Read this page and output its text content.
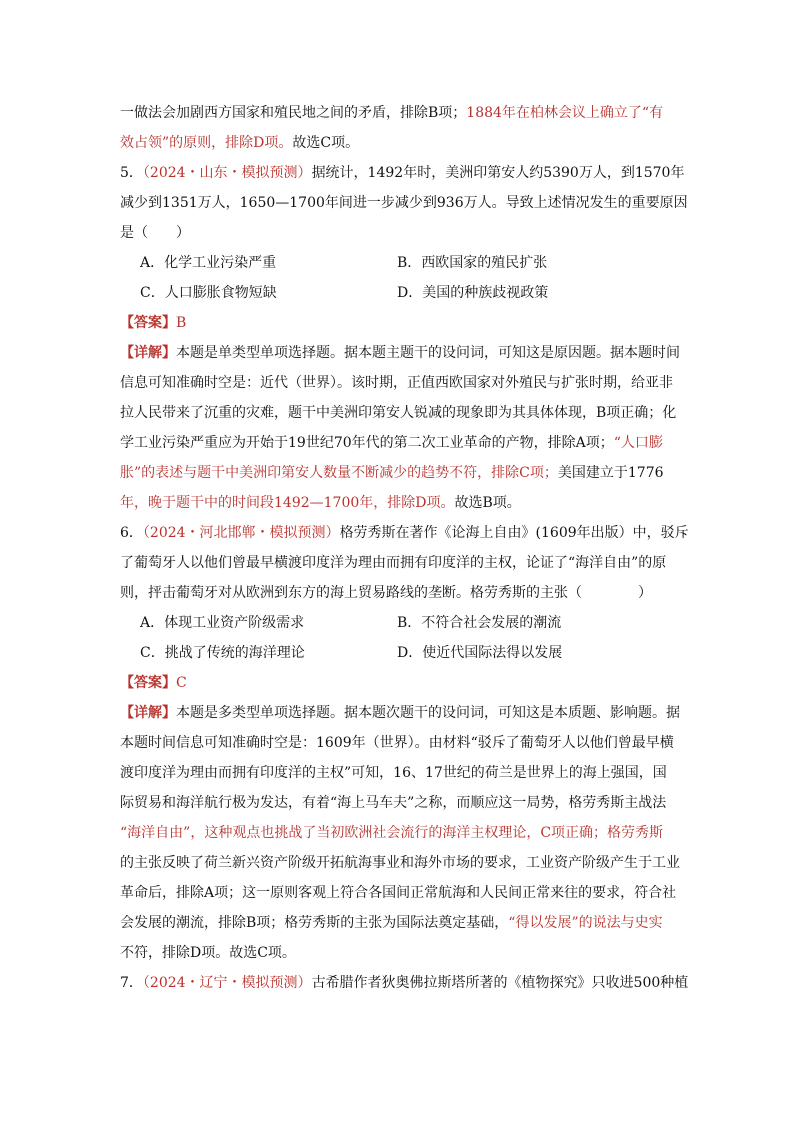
一做法会加剧西方国家和殖民地之间的矛盾，排除B项；1884年在柏林会议上确立了“有
效占领”的原则，排除D项。故选C项。
5．（2024・山东・模拟预测）据统计，1492年时，美洲印第安人约5390万人，到1570年
减少到1351万人，1650—1700年间进一步减少到936万人。导致上述情况发生的重要原因
是（　　）
A．化学工业污染严重	B．西欧国家的殖民扩张
C．人口膨胀食物短缺	D．美国的种族歧视政策
【答案】B
【详解】本题是单类型单项选择题。据本题主题干的设问词，可知这是原因题。据本题时间
信息可知准确时空是：近代（世界）。该时期，正值西欧国家对外殖民与扩张时期，给亚非
拉人民带来了沉重的灾难，题干中美洲印第安人锐减的现象即为其具体体现，B项正确；化
学工业污染严重应为开始于19世纪70年代的第二次工业革命的产物，排除A项；“人口膨
胀”的表述与题干中美洲印第安人数量不断减少的趋势不符，排除C项；美国建立于1776
年，晚于题干中的时间段1492—1700年，排除D项。故选B项。
6．（2024・河北邯郸・模拟预测）格劳秀斯在著作《论海上自由》(1609年出版）中，驳斥
了葡萄牙人以他们曾最早横渡印度洋为理由而拥有印度洋的主权，论证了“海洋自由”的原
则，抨击葡萄牙对从欧洲到东方的海上贸易路线的垄断。格劳秀斯的主张（　　　　）
A．体现工业资产阶级需求	B．不符合社会发展的潮流
C．挑战了传统的海洋理论	D．使近代国际法得以发展
【答案】C
【详解】本题是多类型单项选择题。据本题次题干的设问词，可知这是本质题、影响题。据
本题时间信息可知准确时空是：1609年（世界）。由材料“驳斥了葡萄牙人以他们曾最早横
渡印度洋为理由而拥有印度洋的主权”可知，16、17世纪的荷兰是世界上的海上强国，国
际贸易和海洋航行极为发达，有着“海上马车夫”之称，而顺应这一局势，格劳秀斯主战法
“海洋自由”，这种观点也挑战了当初欧洲社会流行的海洋主权理论，C项正确；格劳秀斯
的主张反映了荷兰新兴资产阶级开拓航海事业和海外市场的要求，工业资产阶级产生于工业
革命后，排除A项；这一原则客观上符合各国间正常航海和人民间正常来往的要求，符合社
会发展的潮流，排除B项；格劳秀斯的主张为国际法奠定基础，“得以发展”的说法与史实
不符，排除D项。故选C项。
7．（2024・辽宁・模拟预测）古希腊作者狄奥佛拉斯塔所著的《植物探究》只收进500种植
